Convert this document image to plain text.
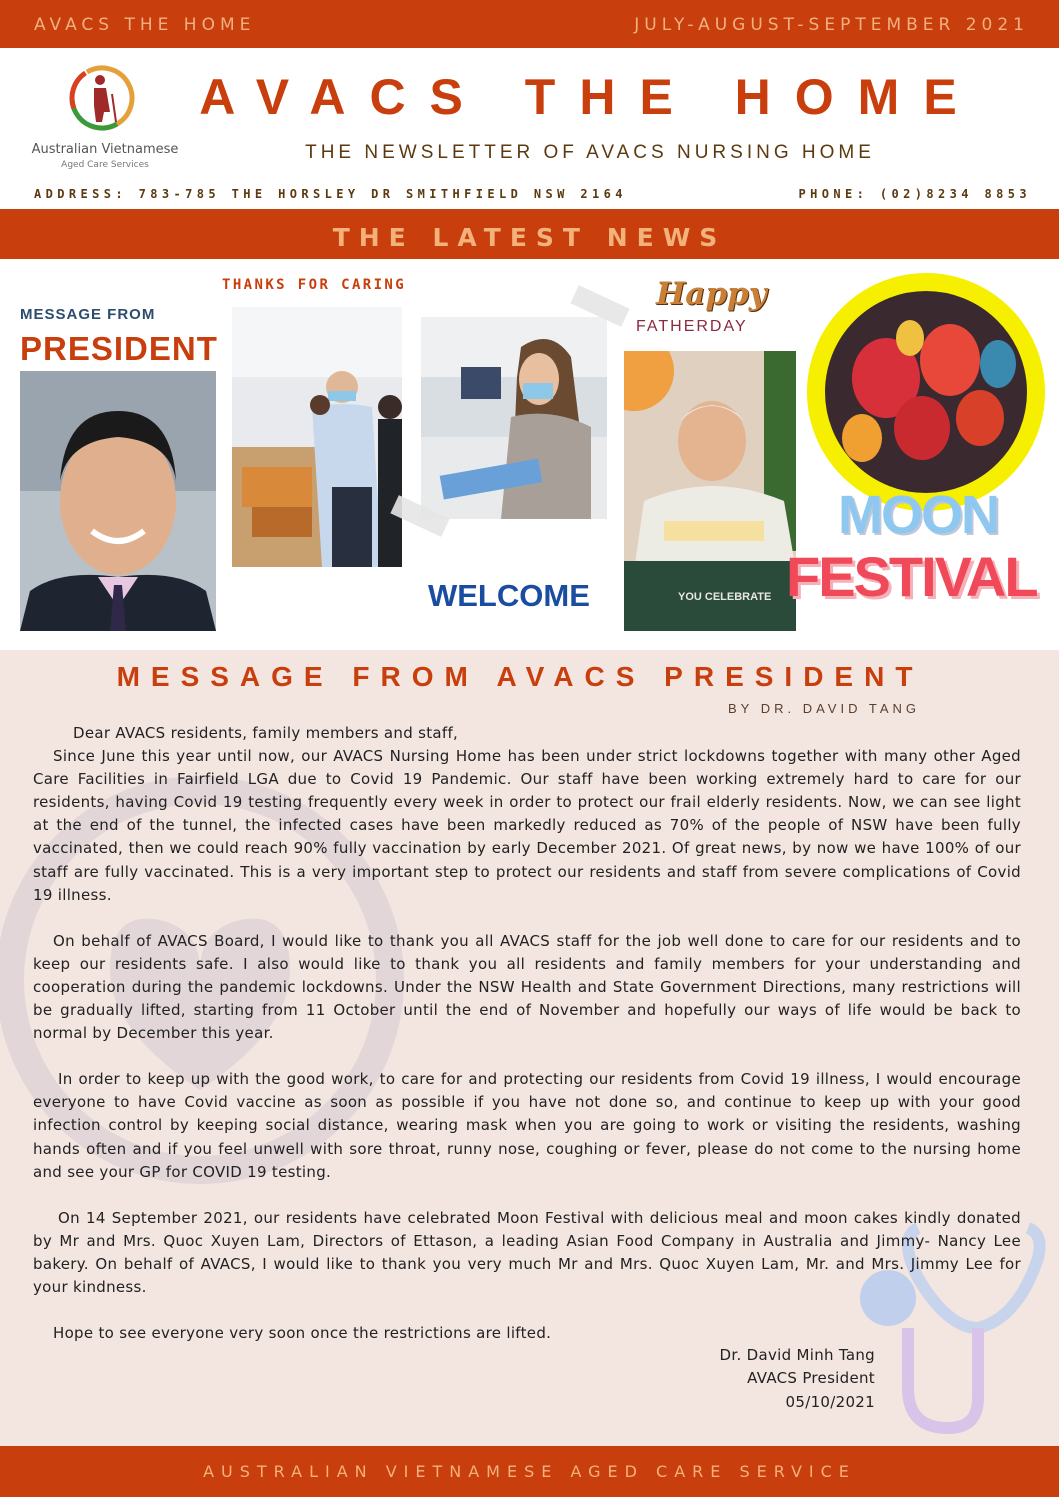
AVACS THE HOME	JULY-AUGUST-SEPTEMBER 2021
Australian Vietnamese
Aged Care Services
AVACS THE HOME
THE NEWSLETTER OF AVACS NURSING HOME
ADDRESS: 783-785 THE HORSLEY DR SMITHFIELD NSW 2164	PHONE: (02)8234 8853
THE LATEST NEWS
MESSAGE FROM
PRESIDENT
THANKS FOR CARING
WELCOME
Happy
FATHERDAY
YOU CELEBRATE
MOON
FESTIVAL
MESSAGE FROM AVACS PRESIDENT
BY DR. DAVID TANG

Dear AVACS residents, family members and staff,

Since June this year until now, our AVACS Nursing Home has been under strict lockdowns together with many other Aged Care Facilities in Fairfield LGA due to Covid 19 Pandemic. Our staff have been working extremely hard to care for our residents, having Covid 19 testing frequently every week in order to protect our frail elderly residents. Now, we can see light at the end of the tunnel, the infected cases have been markedly reduced as 70% of the people of NSW have been fully vaccinated, then we could reach 90% fully vaccination by early December 2021. Of great news, by now we have 100% of our staff are fully vaccinated. This is a very important step to protect our residents and staff from severe complications of Covid 19 illness.

On behalf of AVACS Board, I would like to thank you all AVACS staff for the job well done to care for our residents and to keep our residents safe. I also would like to thank you all residents and family members for your understanding and cooperation during the pandemic lockdowns. Under the NSW Health and State Government Directions, many restrictions will be gradually lifted, starting from 11 October until the end of November and hopefully our ways of life would be back to normal by December this year.

In order to keep up with the good work, to care for and protecting our residents from Covid 19 illness, I would encourage everyone to have Covid vaccine as soon as possible if you have not done so, and continue to keep up with your good infection control by keeping social distance, wearing mask when you are going to work or visiting the residents, washing hands often and if you feel unwell with sore throat, runny nose, coughing or fever, please do not come to the nursing home and see your GP for COVID 19 testing.

On 14 September 2021, our residents have celebrated Moon Festival with delicious meal and moon cakes kindly donated by Mr and Mrs. Quoc Xuyen Lam, Directors of Ettason, a leading Asian Food Company in Australia and Jimmy- Nancy Lee bakery. On behalf of AVACS, I would like to thank you very much Mr and Mrs. Quoc Xuyen Lam, Mr. and Mrs. Jimmy Lee for your kindness.

Hope to see everyone very soon once the restrictions are lifted.

Dr. David Minh Tang
AVACS President
05/10/2021
AUSTRALIAN VIETNAMESE AGED CARE SERVICE
